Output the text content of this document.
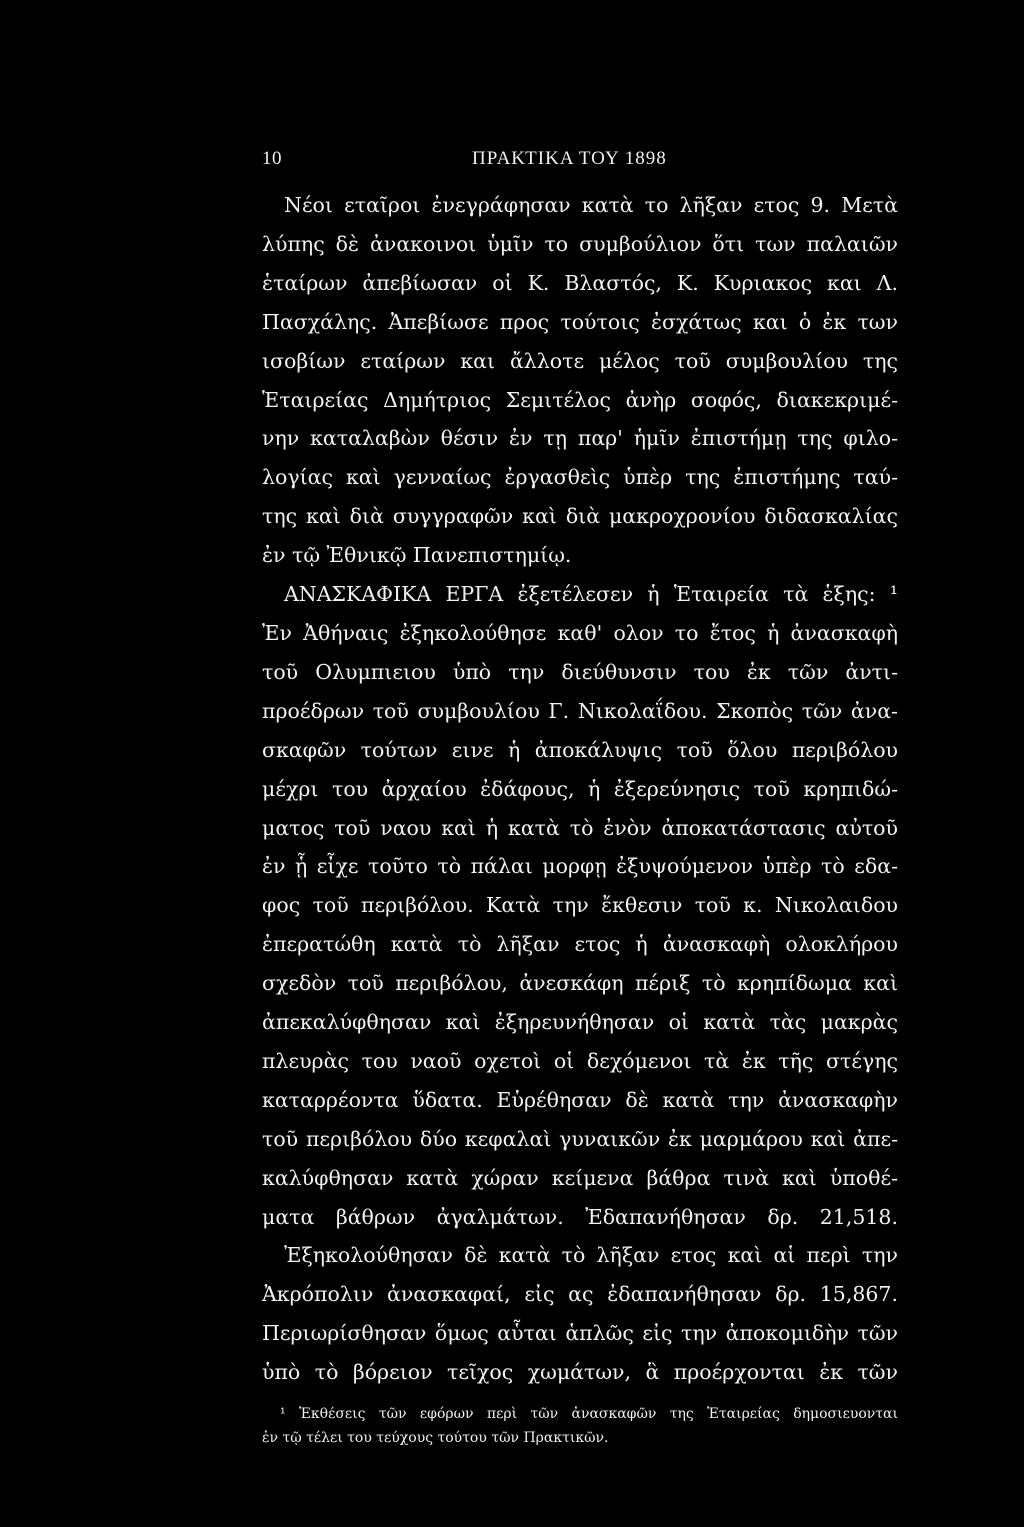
10	ΠΡΑΚΤΙΚΑ ΤΟΥ 1898
Νέοι εταῖροι ἐνεγράφησαν κατὰ το λῆξαν ετος 9. Μετὰ
λύπης δὲ ἀνακοινοι ὑμῖν το συμβούλιον ὅτι των παλαιῶν
ἑταίρων ἀπεβίωσαν οἱ Κ. Βλαστός, Κ. Κυριακος και Λ.
Πασχάλης. Ἀπεβίωσε προς τούτοις ἐσχάτως και ὁ ἐκ των
ισοβίων εταίρων και ἄλλοτε μέλος τοῦ συμβουλίου της
Ἑταιρείας Δημήτριος Σεμιτέλος ἀνὴρ σοφός, διακεκριμέ-
νην καταλαβὼν θέσιν ἐν τῃ παρ' ἡμῖν ἐπιστήμῃ της φιλο-
λογίας καὶ γενναίως ἐργασθεὶς ὑπὲρ της ἐπιστήμης ταύ-
της καὶ διὰ συγγραφῶν καὶ διὰ μακροχρονίου διδασκαλίας
ἐν τῷ Ἐθνικῷ Πανεπιστημίῳ.
ΑΝΑΣΚΑΦΙΚΑ ΕΡΓΑ ἐξετέλεσεν ἡ Ἑταιρεία τὰ ἑξης: ¹
Ἐν Ἀθήναις ἐξηκολούθησε καθ' ολον το ἔτος ἡ ἀνασκαφὴ
τοῦ Ολυμπιειου ὑπὸ την διεύθυνσιν του ἐκ τῶν ἀντι-
προέδρων τοῦ συμβουλίου Γ. Νικολαΐδου. Σκοπὸς τῶν ἀνα-
σκαφῶν τούτων εινε ἡ ἀποκάλυψις τοῦ ὅλου περιβόλου
μέχρι του ἀρχαίου ἐδάφους, ἡ ἐξερεύνησις τοῦ κρηπιδώ-
ματος τοῦ ναου καὶ ἡ κατὰ τὸ ἐνὸν ἀποκατάστασις αὐτοῦ
ἐν ᾗ εἶχε τοῦτο τὸ πάλαι μορφῃ ἐξυψούμενον ὑπὲρ τὸ εδα-
φος τοῦ περιβόλου. Κατὰ την ἔκθεσιν τοῦ κ. Νικολαιδου
ἐπερατώθη κατὰ τὸ λῆξαν ετος ἡ ἀνασκαφὴ ολοκλήρου
σχεδὸν τοῦ περιβόλου, ἀνεσκάφη πέριξ τὸ κρηπίδωμα καὶ
ἀπεκαλύφθησαν καὶ ἐξηρευνήθησαν οἱ κατὰ τὰς μακρὰς
πλευρὰς του ναοῦ οχετοὶ οἱ δεχόμενοι τὰ ἐκ τῆς στέγης
καταρρέοντα ὕδατα. Εὑρέθησαν δὲ κατὰ την ἀνασκαφὴν
τοῦ περιβόλου δύο κεφαλαὶ γυναικῶν ἐκ μαρμάρου καὶ ἀπε-
καλύφθησαν κατὰ χώραν κείμενα βάθρα τινὰ καὶ ὑποθέ-
ματα βάθρων ἀγαλμάτων. Ἐδαπανήθησαν δρ. 21,518.
Ἐξηκολούθησαν δὲ κατὰ τὸ λῆξαν ετος καὶ αἱ περὶ την
Ἀκρόπολιν ἀνασκαφαί, εἰς ας ἐδαπανήθησαν δρ. 15,867.
Περιωρίσθησαν ὅμως αὗται ἁπλῶς εἰς την ἀποκομιδὴν τῶν
ὑπὸ τὸ βόρειον τεῖχος χωμάτων, ἃ προέρχονται ἐκ τῶν
¹ Ἐκθέσεις τῶν εφόρων περὶ τῶν ἀνασκαφῶν της Ἑταιρείας δημοσιευονται
ἐν τῷ τέλει του τεύχους τούτου τῶν Πρακτικῶν.
